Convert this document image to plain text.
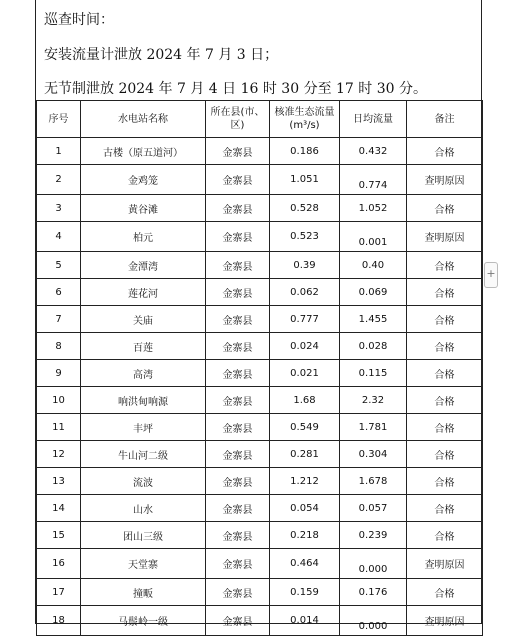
巡查时间：
安装流量计泄放 2024 年 7 月 3 日；
无节制泄放 2024 年 7 月 4 日 16 时 30 分至 17 时 30 分。
序号	水电站名称	所在县(市、区)	核准生态流量(m³/s)	日均流量	备注
1	古楼（原五道河）	金寨县	0.186	0.432	合格
2	金鸡笼	金寨县	1.051	0.774	查明原因
3	黄谷滩	金寨县	0.528	1.052	合格
4	柏元	金寨县	0.523	0.001	查明原因
5	金潭湾	金寨县	0.39	0.40	合格
6	莲花河	金寨县	0.062	0.069	合格
7	关庙	金寨县	0.777	1.455	合格
8	百莲	金寨县	0.024	0.028	合格
9	高湾	金寨县	0.021	0.115	合格
10	响洪甸响源	金寨县	1.68	2.32	合格
11	丰坪	金寨县	0.549	1.781	合格
12	牛山河二级	金寨县	0.281	0.304	合格
13	流波	金寨县	1.212	1.678	合格
14	山水	金寨县	0.054	0.057	合格
15	团山三级	金寨县	0.218	0.239	合格
16	天堂寨	金寨县	0.464	0.000	查明原因
17	撞畈	金寨县	0.159	0.176	合格
18	马鬃岭一级	金寨县	0.014	0.000	查明原因
+
